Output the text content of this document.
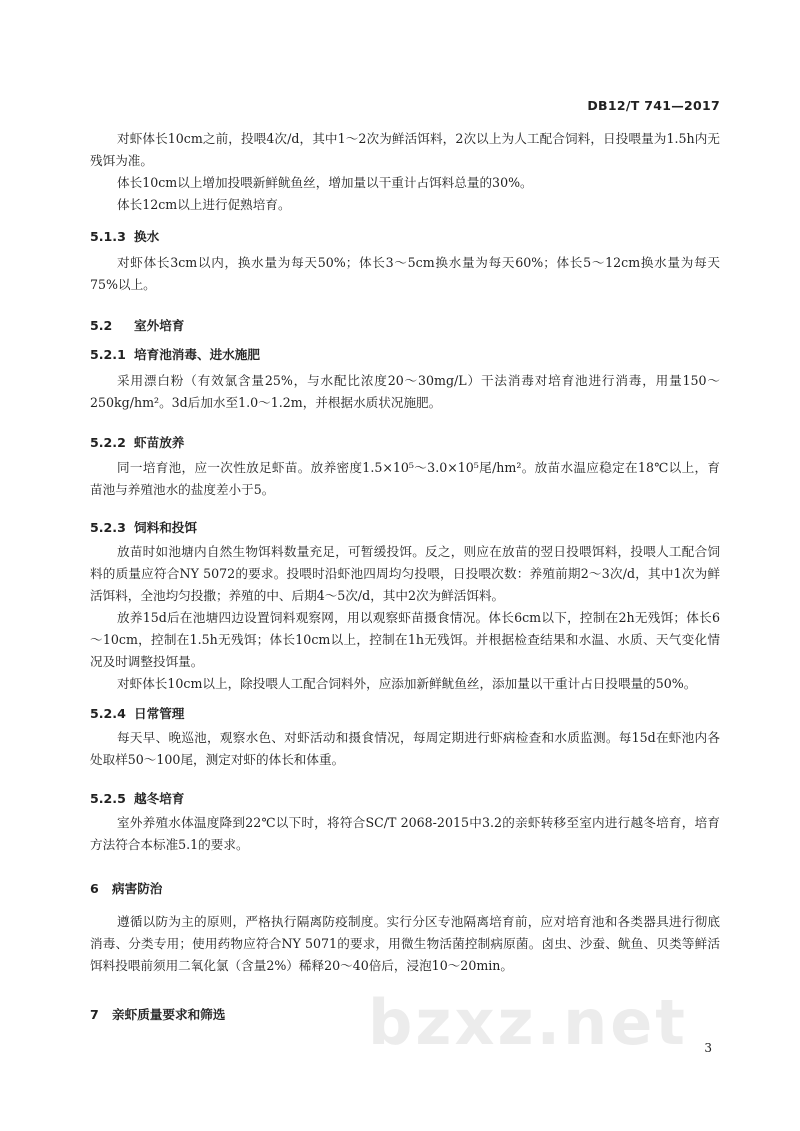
DB12/T 741—2017

对虾体长10cm之前，投喂4次/d，其中1～2次为鲜活饵料，2次以上为人工配合饲料，日投喂量为1.5h内无残饵为准。

体长10cm以上增加投喂新鲜鱿鱼丝，增加量以干重计占饵料总量的30%。

体长12cm以上进行促熟培育。

5.1.3 换水

对虾体长3cm以内，换水量为每天50%；体长3～5cm换水量为每天60%；体长5～12cm换水量为每天75%以上。

5.2 室外培育
5.2.1 培育池消毒、进水施肥

采用漂白粉（有效氯含量25%，与水配比浓度20～30mg/L）干法消毒对培育池进行消毒，用量150～250kg/hm²。3d后加水至1.0～1.2m，并根据水质状况施肥。

5.2.2 虾苗放养

同一培育池，应一次性放足虾苗。放养密度1.5×10⁵～3.0×10⁵尾/hm²。放苗水温应稳定在18℃以上，育苗池与养殖池水的盐度差小于5。

5.2.3 饲料和投饵

放苗时如池塘内自然生物饵料数量充足，可暂缓投饵。反之，则应在放苗的翌日投喂饵料，投喂人工配合饲料的质量应符合NY 5072的要求。投喂时沿虾池四周均匀投喂，日投喂次数：养殖前期2～3次/d，其中1次为鲜活饵料，全池均匀投撒；养殖的中、后期4～5次/d，其中2次为鲜活饵料。

放养15d后在池塘四边设置饲料观察网，用以观察虾苗摄食情况。体长6cm以下，控制在2h无残饵；体长6～10cm，控制在1.5h无残饵；体长10cm以上，控制在1h无残饵。并根据检查结果和水温、水质、天气变化情况及时调整投饵量。

对虾体长10cm以上，除投喂人工配合饲料外，应添加新鲜鱿鱼丝，添加量以干重计占日投喂量的50%。

5.2.4 日常管理

每天早、晚巡池，观察水色、对虾活动和摄食情况，每周定期进行虾病检查和水质监测。每15d在虾池内各处取样50～100尾，测定对虾的体长和体重。

5.2.5 越冬培育

室外养殖水体温度降到22℃以下时，将符合SC/T 2068-2015中3.2的亲虾转移至室内进行越冬培育，培育方法符合本标准5.1的要求。

6 病害防治

遵循以防为主的原则，严格执行隔离防疫制度。实行分区专池隔离培育前，应对培育池和各类器具进行彻底消毒、分类专用；使用药物应符合NY 5071的要求，用微生物活菌控制病原菌。卤虫、沙蚕、鱿鱼、贝类等鲜活饵料投喂前须用二氧化氯（含量2%）稀释20～40倍后，浸泡10～20min。

7 亲虾质量要求和筛选 bzxz.net 3
